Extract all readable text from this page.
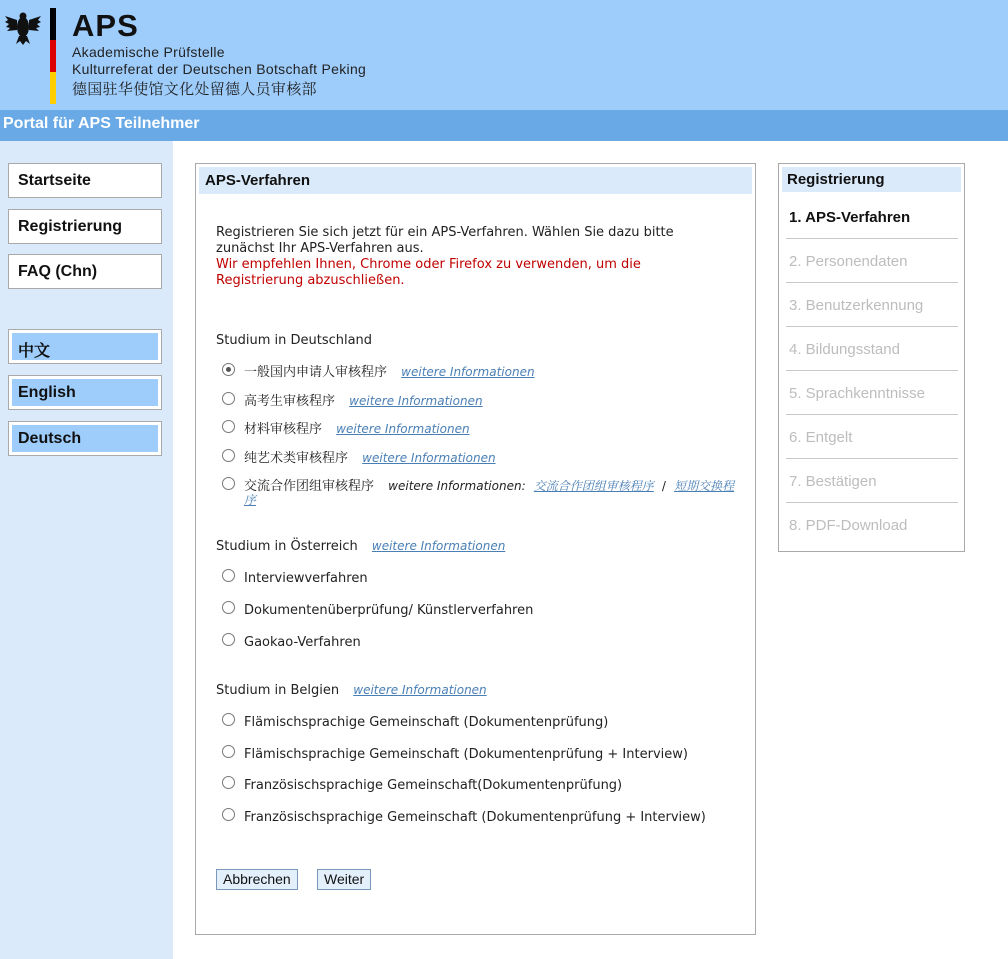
APS
Akademische Prüfstelle
Kulturreferat der Deutschen Botschaft Peking
德国驻华使馆文化处留德人员审核部
Portal für APS Teilnehmer
Startseite
Registrierung
FAQ (Chn)
中文
English
Deutsch
APS-Verfahren
Registrieren Sie sich jetzt für ein APS-Verfahren. Wählen Sie dazu bitte
zunächst Ihr APS-Verfahren aus.
Wir empfehlen Ihnen, Chrome oder Firefox zu verwenden, um die
Registrierung abzuschließen.
Studium in Deutschland
一般国内申请人审核程序 weitere Informationen
高考生审核程序 weitere Informationen
材料审核程序 weitere Informationen
纯艺术类审核程序 weitere Informationen
交流合作团组审核程序 weitere Informationen: 交流合作团组审核程序 / 短期交换程
序
Studium in Österreich weitere Informationen
Interviewverfahren
Dokumentenüberprüfung/ Künstlerverfahren
Gaokao-Verfahren
Studium in Belgien weitere Informationen
Flämischsprachige Gemeinschaft (Dokumentenprüfung)
Flämischsprachige Gemeinschaft (Dokumentenprüfung + Interview)
Französischsprachige Gemeinschaft(Dokumentenprüfung)
Französischsprachige Gemeinschaft (Dokumentenprüfung + Interview)
Abbrechen	Weiter
Registrierung
1. APS-Verfahren
2. Personendaten
3. Benutzerkennung
4. Bildungsstand
5. Sprachkenntnisse
6. Entgelt
7. Bestätigen
8. PDF-Download
